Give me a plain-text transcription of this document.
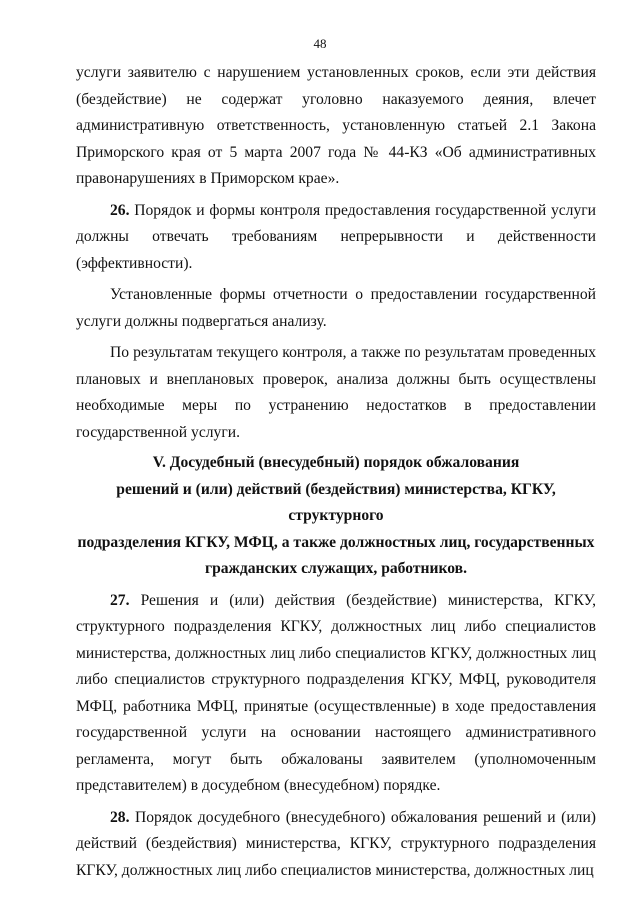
48

услуги заявителю с нарушением установленных сроков, если эти действия (бездействие) не содержат уголовно наказуемого деяния, влечет административную ответственность, установленную статьей 2.1 Закона Приморского края от 5 марта 2007 года № 44-КЗ «Об административных правонарушениях в Приморском крае».

26. Порядок и формы контроля предоставления государственной услуги должны отвечать требованиям непрерывности и действенности (эффективности).

Установленные формы отчетности о предоставлении государственной услуги должны подвергаться анализу.

По результатам текущего контроля, а также по результатам проведенных плановых и внеплановых проверок, анализа должны быть осуществлены необходимые меры по устранению недостатков в предоставлении государственной услуги.

V. Досудебный (внесудебный) порядок обжалования
решений и (или) действий (бездействия) министерства, КГКУ,
структурного
подразделения КГКУ, МФЦ, а также должностных лиц, государственных
гражданских служащих, работников.

27. Решения и (или) действия (бездействие) министерства, КГКУ, структурного подразделения КГКУ, должностных лиц либо специалистов министерства, должностных лиц либо специалистов КГКУ, должностных лиц либо специалистов структурного подразделения КГКУ, МФЦ, руководителя МФЦ, работника МФЦ, принятые (осуществленные) в ходе предоставления государственной услуги на основании настоящего административного регламента, могут быть обжалованы заявителем (уполномоченным представителем) в досудебном (внесудебном) порядке.

28. Порядок досудебного (внесудебного) обжалования решений и (или) действий (бездействия) министерства, КГКУ, структурного подразделения КГКУ, должностных лиц либо специалистов министерства, должностных лиц
